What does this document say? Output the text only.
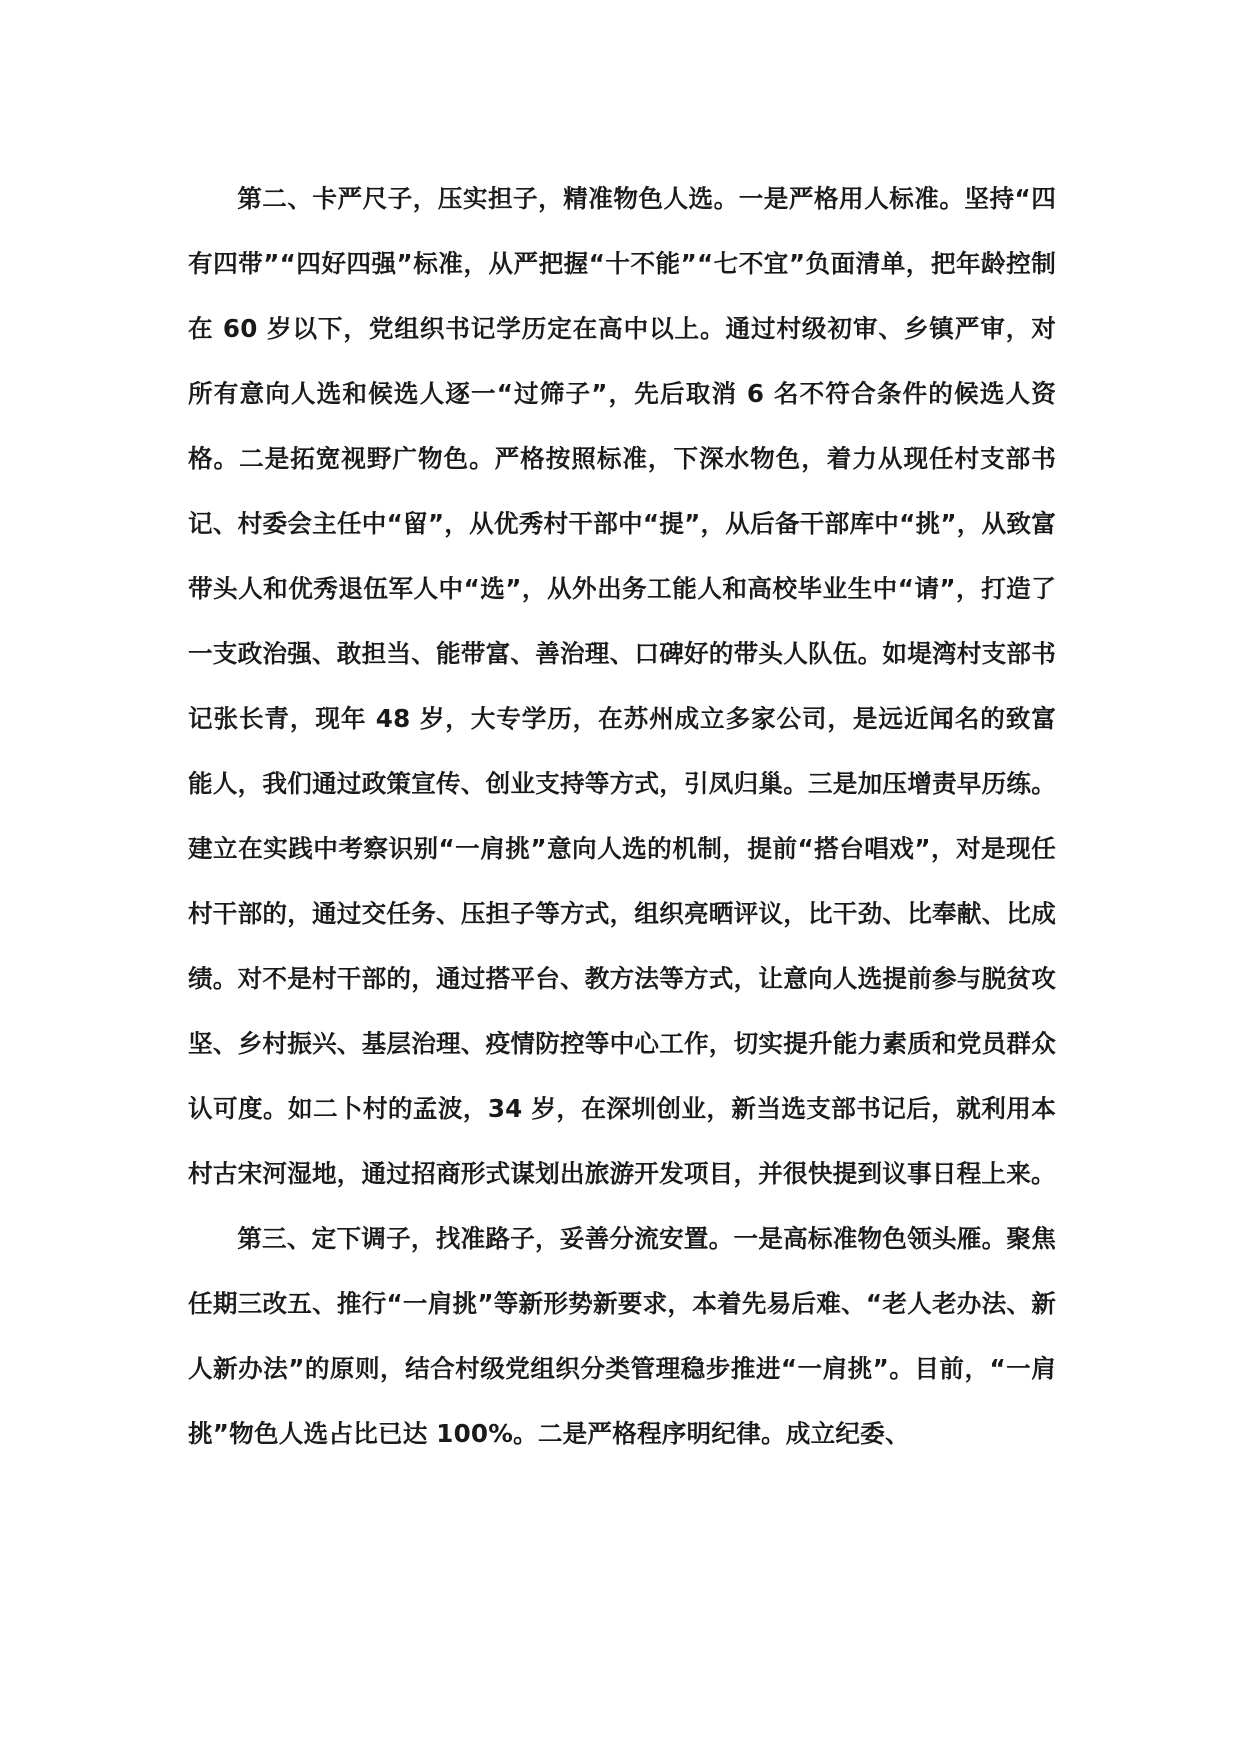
第二、卡严尺子，压实担子，精准物色人选。一是严格用人标准。坚持“四有四带”“四好四强”标准，从严把握“十不能”“七不宜”负面清单，把年龄控制在 60 岁以下，党组织书记学历定在高中以上。通过村级初审、乡镇严审，对所有意向人选和候选人逐一“过筛子”，先后取消 6 名不符合条件的候选人资格。二是拓宽视野广物色。严格按照标准，下深水物色，着力从现任村支部书记、村委会主任中“留”，从优秀村干部中“提”，从后备干部库中“挑”，从致富带头人和优秀退伍军人中“选”，从外出务工能人和高校毕业生中“请”，打造了一支政治强、敢担当、能带富、善治理、口碑好的带头人队伍。如堤湾村支部书记张长青，现年 48 岁，大专学历，在苏州成立多家公司，是远近闻名的致富能人，我们通过政策宣传、创业支持等方式，引凤归巢。三是加压增责早历练。建立在实践中考察识别“一肩挑”意向人选的机制，提前“搭台唱戏”，对是现任村干部的，通过交任务、压担子等方式，组织亮晒评议，比干劲、比奉献、比成绩。对不是村干部的，通过搭平台、教方法等方式，让意向人选提前参与脱贫攻坚、乡村振兴、基层治理、疫情防控等中心工作，切实提升能力素质和党员群众认可度。如二卜村的孟波，34 岁，在深圳创业，新当选支部书记后，就利用本村古宋河湿地，通过招商形式谋划出旅游开发项目，并很快提到议事日程上来。

第三、定下调子，找准路子，妥善分流安置。一是高标准物色领头雁。聚焦任期三改五、推行“一肩挑”等新形势新要求，本着先易后难、“老人老办法、新人新办法”的原则，结合村级党组织分类管理稳步推进“一肩挑”。目前，“一肩挑”物色人选占比已达 100%。二是严格程序明纪律。成立纪委、
